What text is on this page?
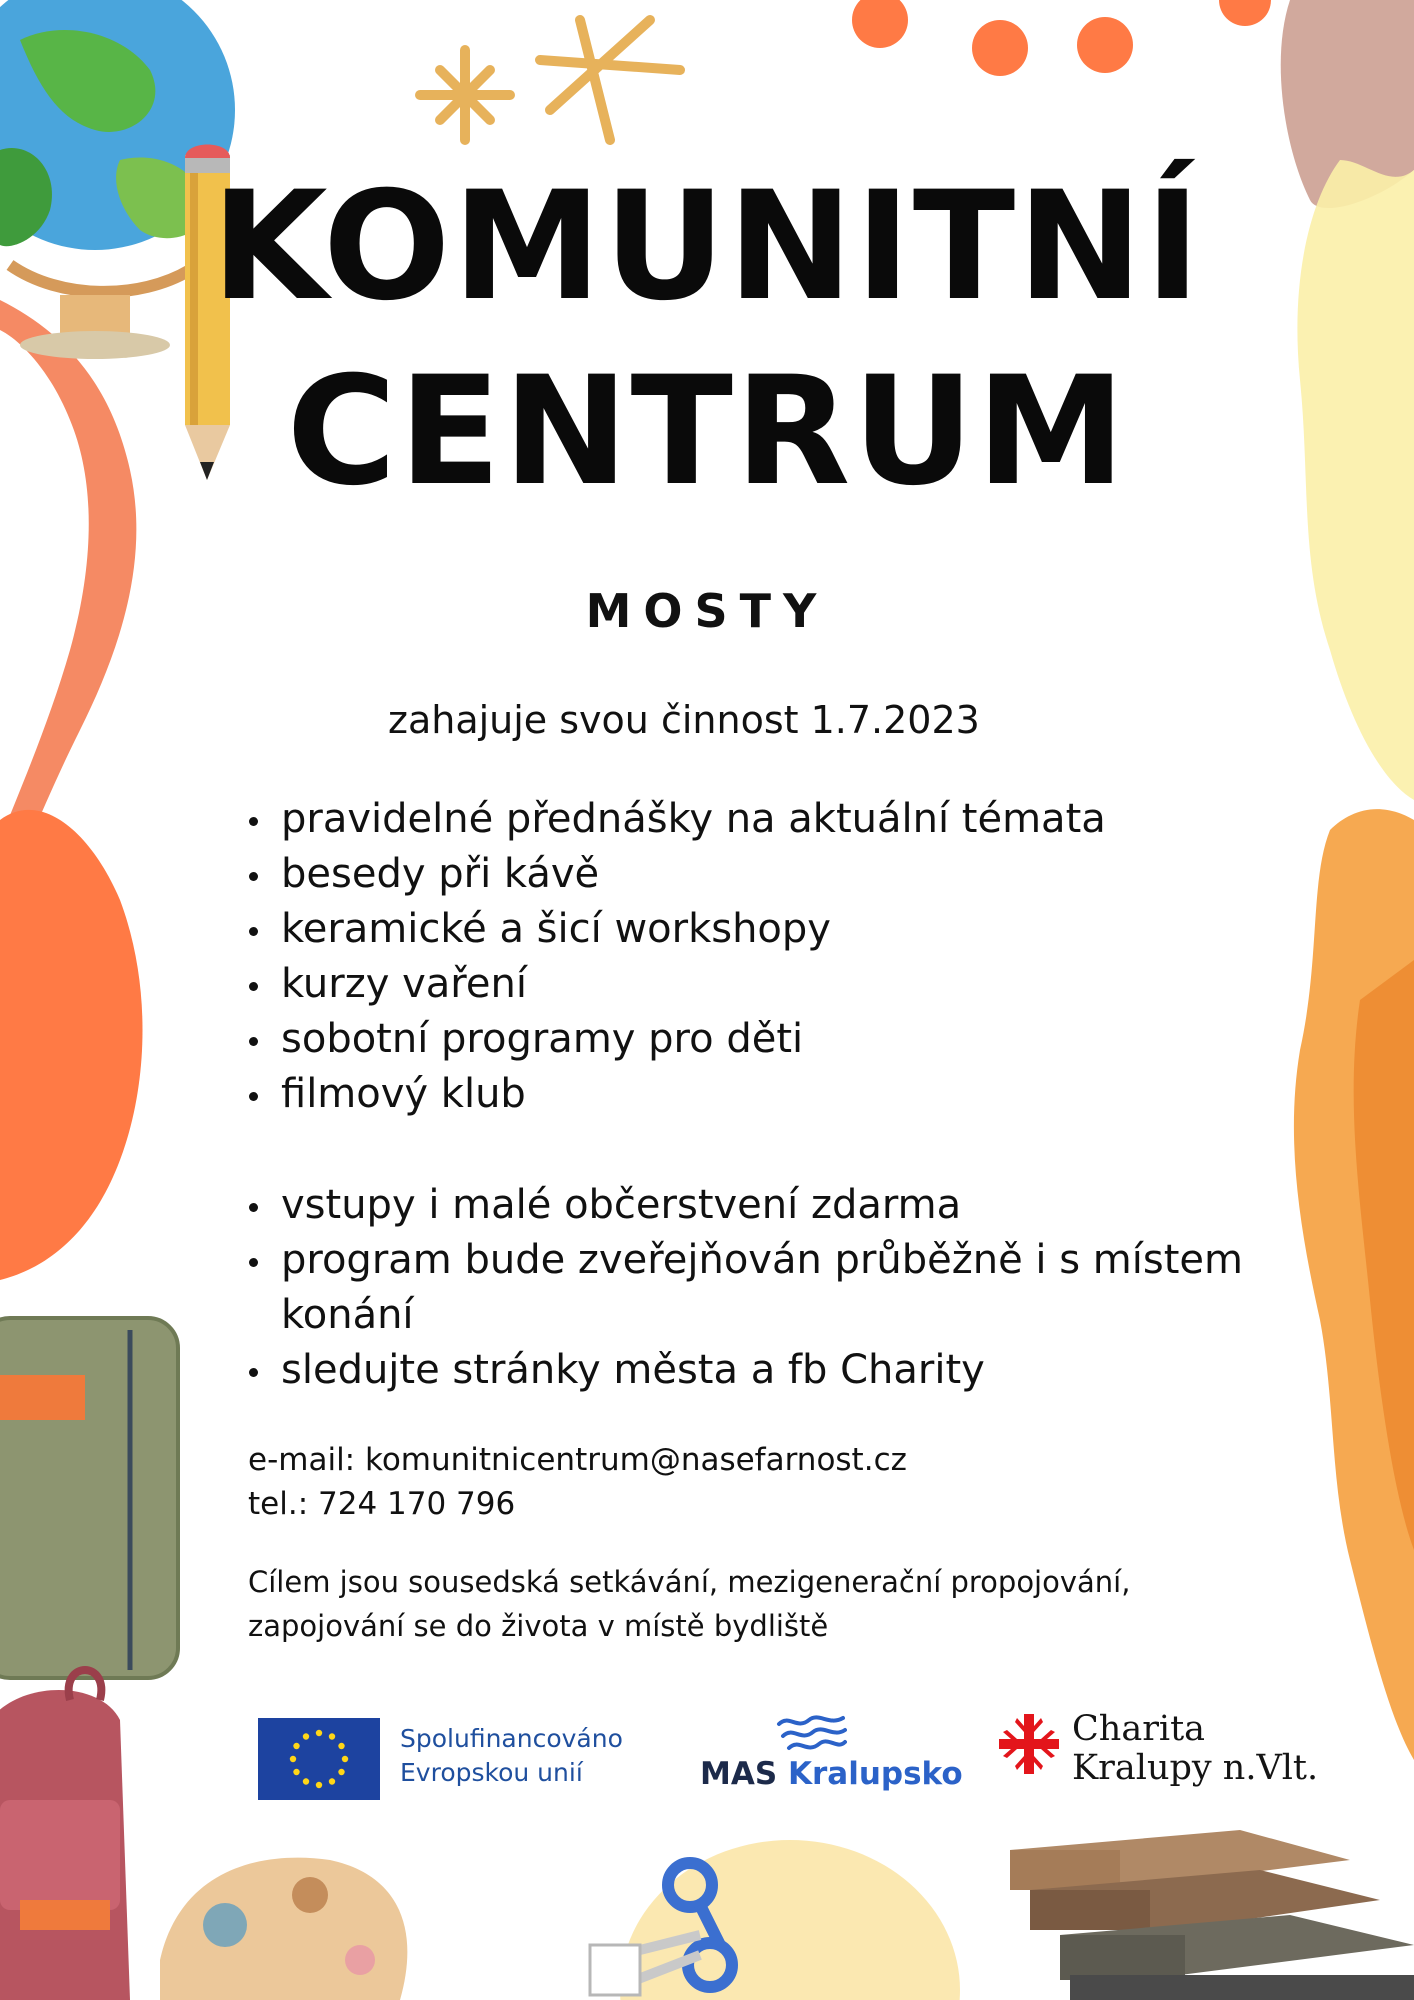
KOMUNITNÍ
CENTRUM
MOSTY
zahajuje svou činnost 1.7.2023
pravidelné přednášky na aktuální témata
besedy při kávě
keramické a šicí workshopy
kurzy vaření
sobotní programy pro děti
filmový klub
vstupy i malé občerstvení zdarma
program bude zveřejňován průběžně i s místem konání
sledujte stránky města a fb Charity
e-mail: komunitnicentrum@nasefarnost.cz
tel.: 724 170 796
Cílem jsou sousedská setkávání, mezigenerační propojování,
zapojování se do života v místě bydliště
Spolufinancováno
Evropskou unií	MAS Kralupsko
Charita
Kralupy n.Vlt.
